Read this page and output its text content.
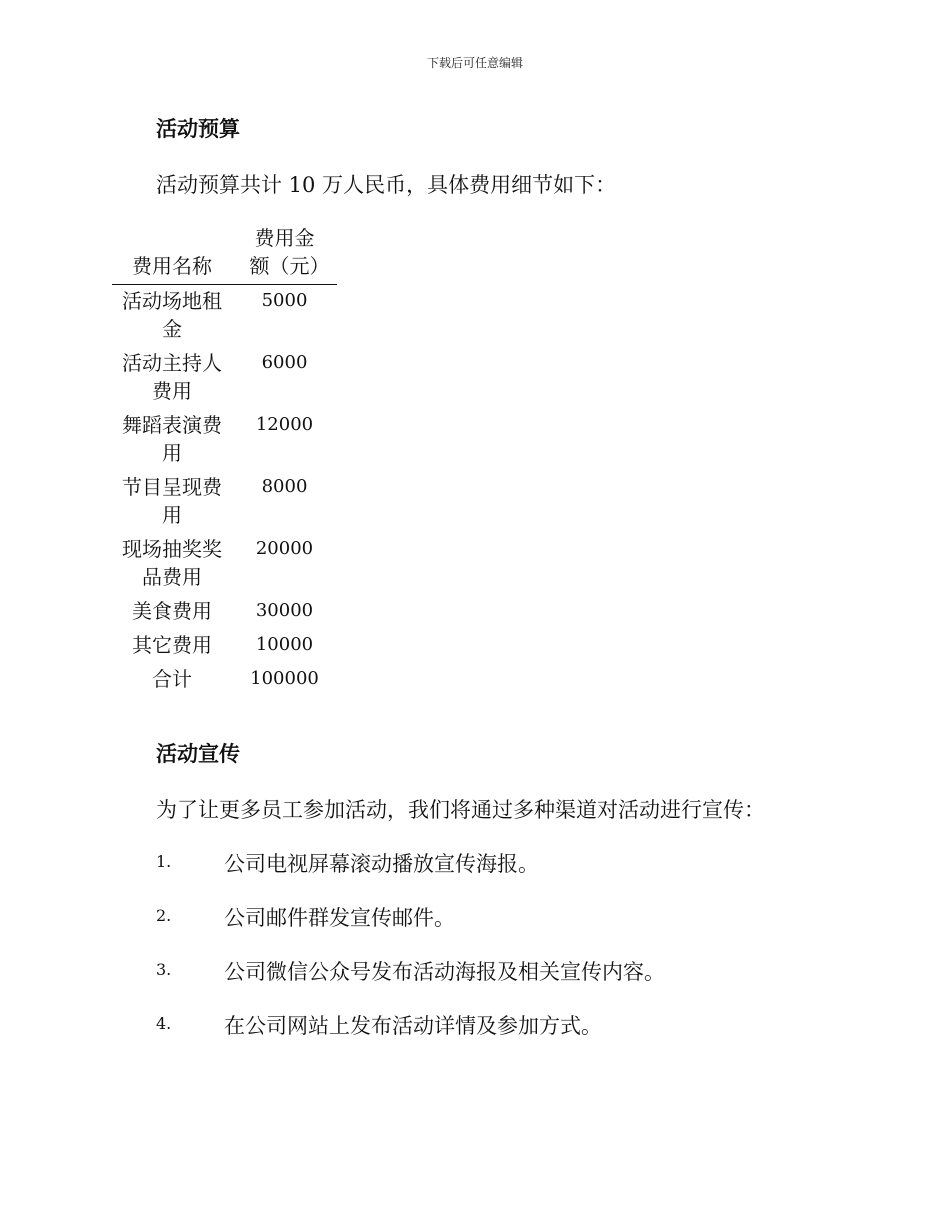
下载后可任意编辑
活动预算

活动预算共计 10 万人民币，具体费用细节如下：

费用名称	费用金额（元）

活动场地租金	5000
活动主持人费用	6000
舞蹈表演费用	12000
节目呈现费用	8000
现场抽奖奖品费用	20000
美食费用	30000
其它费用	10000
合计	100000
活动宣传

为了让更多员工参加活动，我们将通过多种渠道对活动进行宣传：

1.	公司电视屏幕滚动播放宣传海报。
2.	公司邮件群发宣传邮件。
3.	公司微信公众号发布活动海报及相关宣传内容。
4.	在公司网站上发布活动详情及参加方式。
